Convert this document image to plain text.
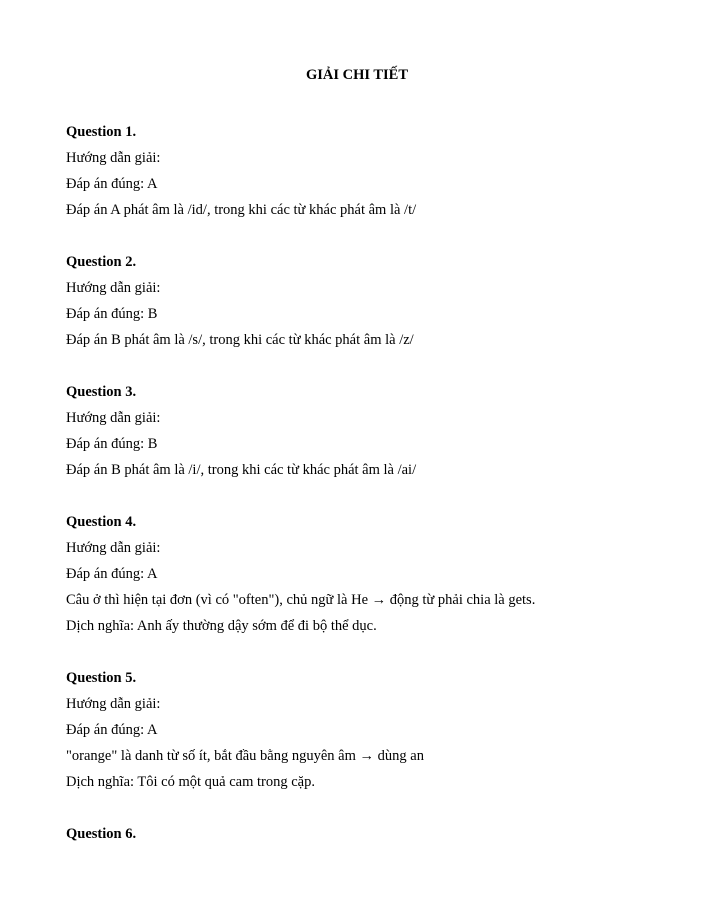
GIẢI CHI TIẾT
Question 1.
Hướng dẫn giải:
Đáp án đúng: A
Đáp án A phát âm là /id/, trong khi các từ khác phát âm là /t/
Question 2.
Hướng dẫn giải:
Đáp án đúng: B
Đáp án B phát âm là /s/, trong khi các từ khác phát âm là /z/
Question 3.
Hướng dẫn giải:
Đáp án đúng: B
Đáp án B phát âm là /i/, trong khi các từ khác phát âm là /ai/
Question 4.
Hướng dẫn giải:
Đáp án đúng: A
Câu ở thì hiện tại đơn (vì có "often"), chủ ngữ là He → động từ phải chia là gets.
Dịch nghĩa: Anh ấy thường dậy sớm để đi bộ thể dục.
Question 5.
Hướng dẫn giải:
Đáp án đúng: A
"orange" là danh từ số ít, bắt đầu bằng nguyên âm → dùng an
Dịch nghĩa: Tôi có một quả cam trong cặp.
Question 6.
